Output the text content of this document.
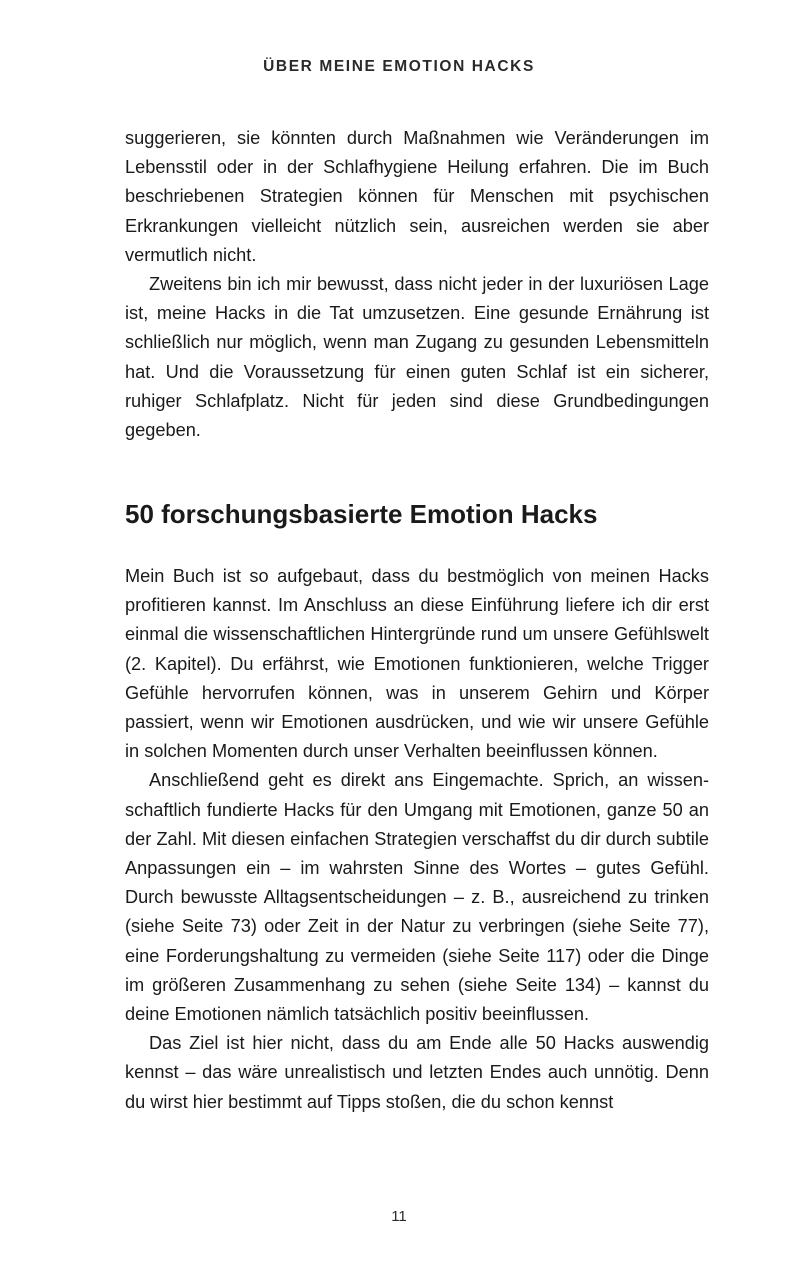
ÜBER MEINE EMOTION HACKS

suggerieren, sie könnten durch Maßnahmen wie Veränderungen im Lebensstil oder in der Schlafhygiene Heilung erfahren. Die im Buch beschriebenen Strategien können für Menschen mit psychischen Erkrankungen vielleicht nützlich sein, ausreichen werden sie aber vermutlich nicht.

Zweitens bin ich mir bewusst, dass nicht jeder in der luxuriösen Lage ist, meine Hacks in die Tat umzusetzen. Eine gesunde Ernährung ist schließlich nur möglich, wenn man Zugang zu gesunden Lebensmitteln hat. Und die Voraussetzung für einen guten Schlaf ist ein sicherer, ruhiger Schlafplatz. Nicht für jeden sind diese Grundbedingungen gegeben.

50 forschungsbasierte Emotion Hacks

Mein Buch ist so aufgebaut, dass du bestmöglich von meinen Hacks profitieren kannst. Im Anschluss an diese Einführung liefere ich dir erst einmal die wissenschaftlichen Hintergründe rund um unsere Gefühlswelt (2. Kapitel). Du erfährst, wie Emotionen funktionieren, welche Trigger Gefühle hervorrufen können, was in unserem Gehirn und Körper passiert, wenn wir Emotionen ausdrücken, und wie wir unsere Gefühle in solchen Momenten durch unser Verhalten beeinflussen können.

Anschließend geht es direkt ans Eingemachte. Sprich, an wissenschaftlich fundierte Hacks für den Umgang mit Emotionen, ganze 50 an der Zahl. Mit diesen einfachen Strategien verschaffst du dir durch subtile Anpassungen ein – im wahrsten Sinne des Wortes – gutes Gefühl. Durch bewusste Alltagsentscheidungen – z. B., ausreichend zu trinken (siehe Seite 73) oder Zeit in der Natur zu verbringen (siehe Seite 77), eine Forderungshaltung zu vermeiden (siehe Seite 117) oder die Dinge im größeren Zusammenhang zu sehen (siehe Seite 134) – kannst du deine Emotionen nämlich tatsächlich positiv beeinflussen.

Das Ziel ist hier nicht, dass du am Ende alle 50 Hacks auswendig kennst – das wäre unrealistisch und letzten Endes auch unnötig. Denn du wirst hier bestimmt auf Tipps stoßen, die du schon kennst

11
